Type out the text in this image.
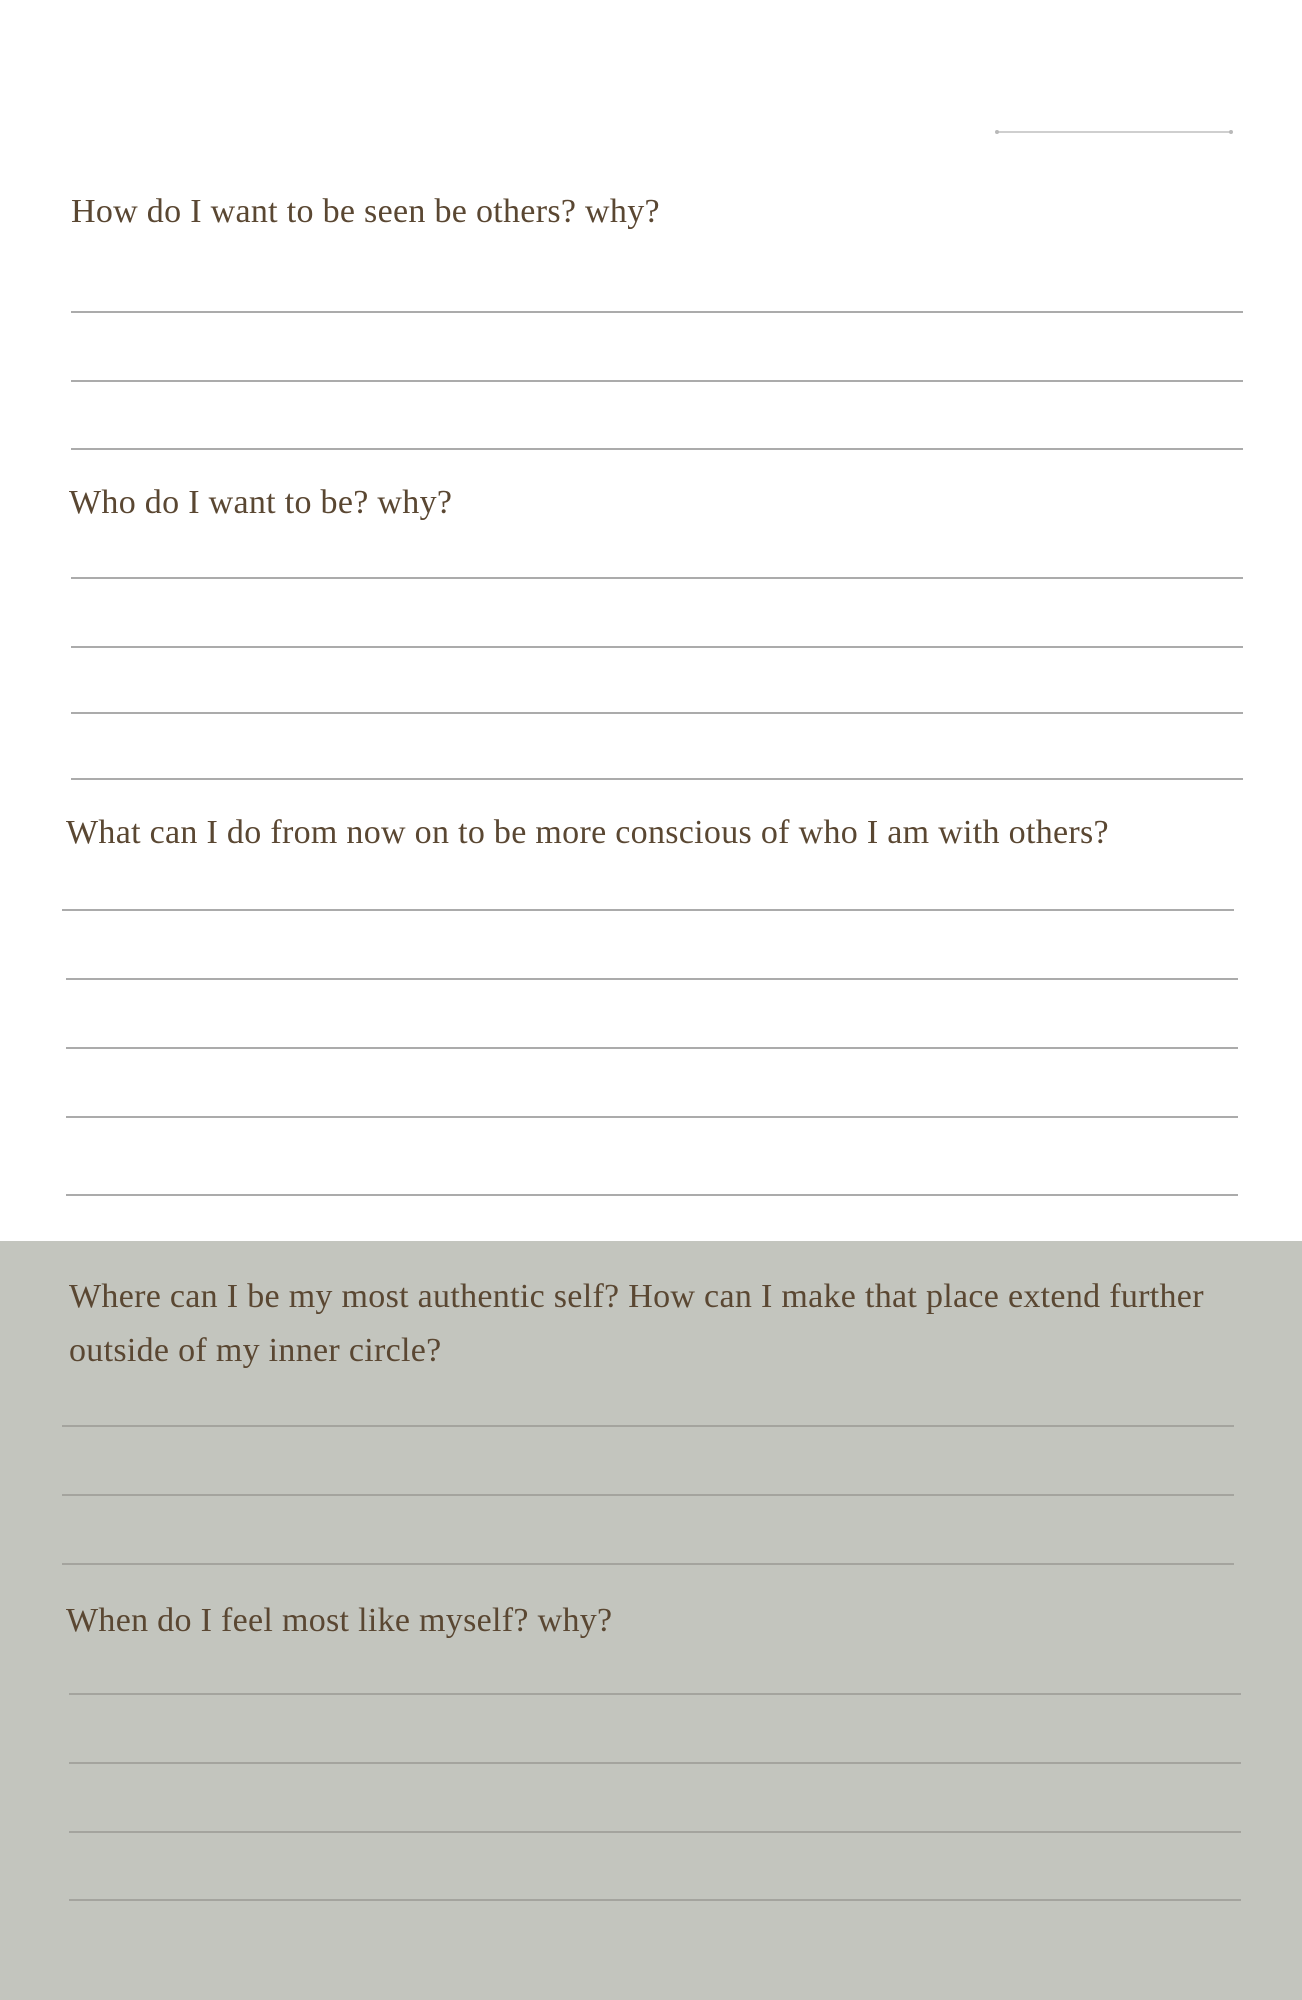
How do I want to be seen be others? why?

Who do I want to be? why?

What can I do from now on to be more conscious of who I am with others?

Where can I be my most authentic self? How can I make that place extend further outside of my inner circle?

When do I feel most like myself? why?
